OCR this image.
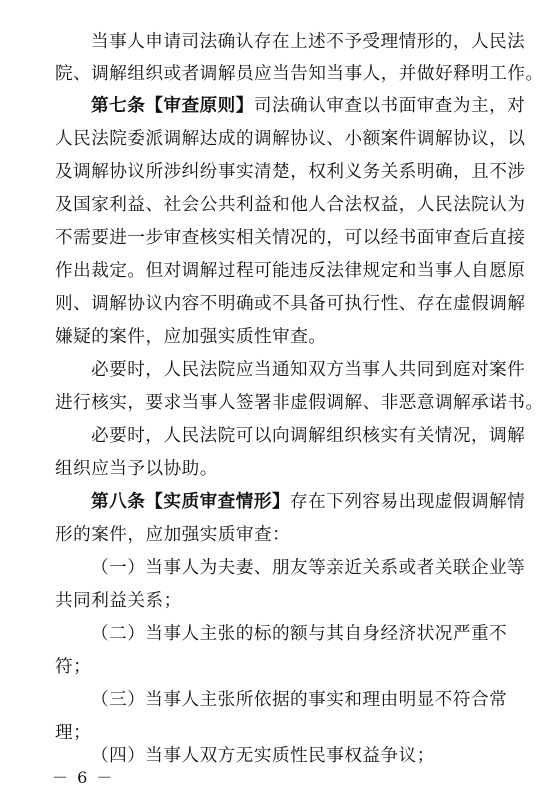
当事人申请司法确认存在上述不予受理情形的，人民法
院、调解组织或者调解员应当告知当事人，并做好释明工作。
第七条【审查原则】司法确认审查以书面审查为主，对
人民法院委派调解达成的调解协议、小额案件调解协议，以
及调解协议所涉纠纷事实清楚，权利义务关系明确，且不涉
及国家利益、社会公共利益和他人合法权益，人民法院认为
不需要进一步审查核实相关情况的，可以经书面审查后直接
作出裁定。但对调解过程可能违反法律规定和当事人自愿原
则、调解协议内容不明确或不具备可执行性、存在虚假调解
嫌疑的案件，应加强实质性审查。
必要时，人民法院应当通知双方当事人共同到庭对案件
进行核实，要求当事人签署非虚假调解、非恶意调解承诺书。
必要时，人民法院可以向调解组织核实有关情况，调解
组织应当予以协助。
第八条【实质审查情形】存在下列容易出现虚假调解情
形的案件，应加强实质审查：
（一）当事人为夫妻、朋友等亲近关系或者关联企业等
共同利益关系；
（二）当事人主张的标的额与其自身经济状况严重不
符；
（三）当事人主张所依据的事实和理由明显不符合常
理；
（四）当事人双方无实质性民事权益争议；
－ 6 －
